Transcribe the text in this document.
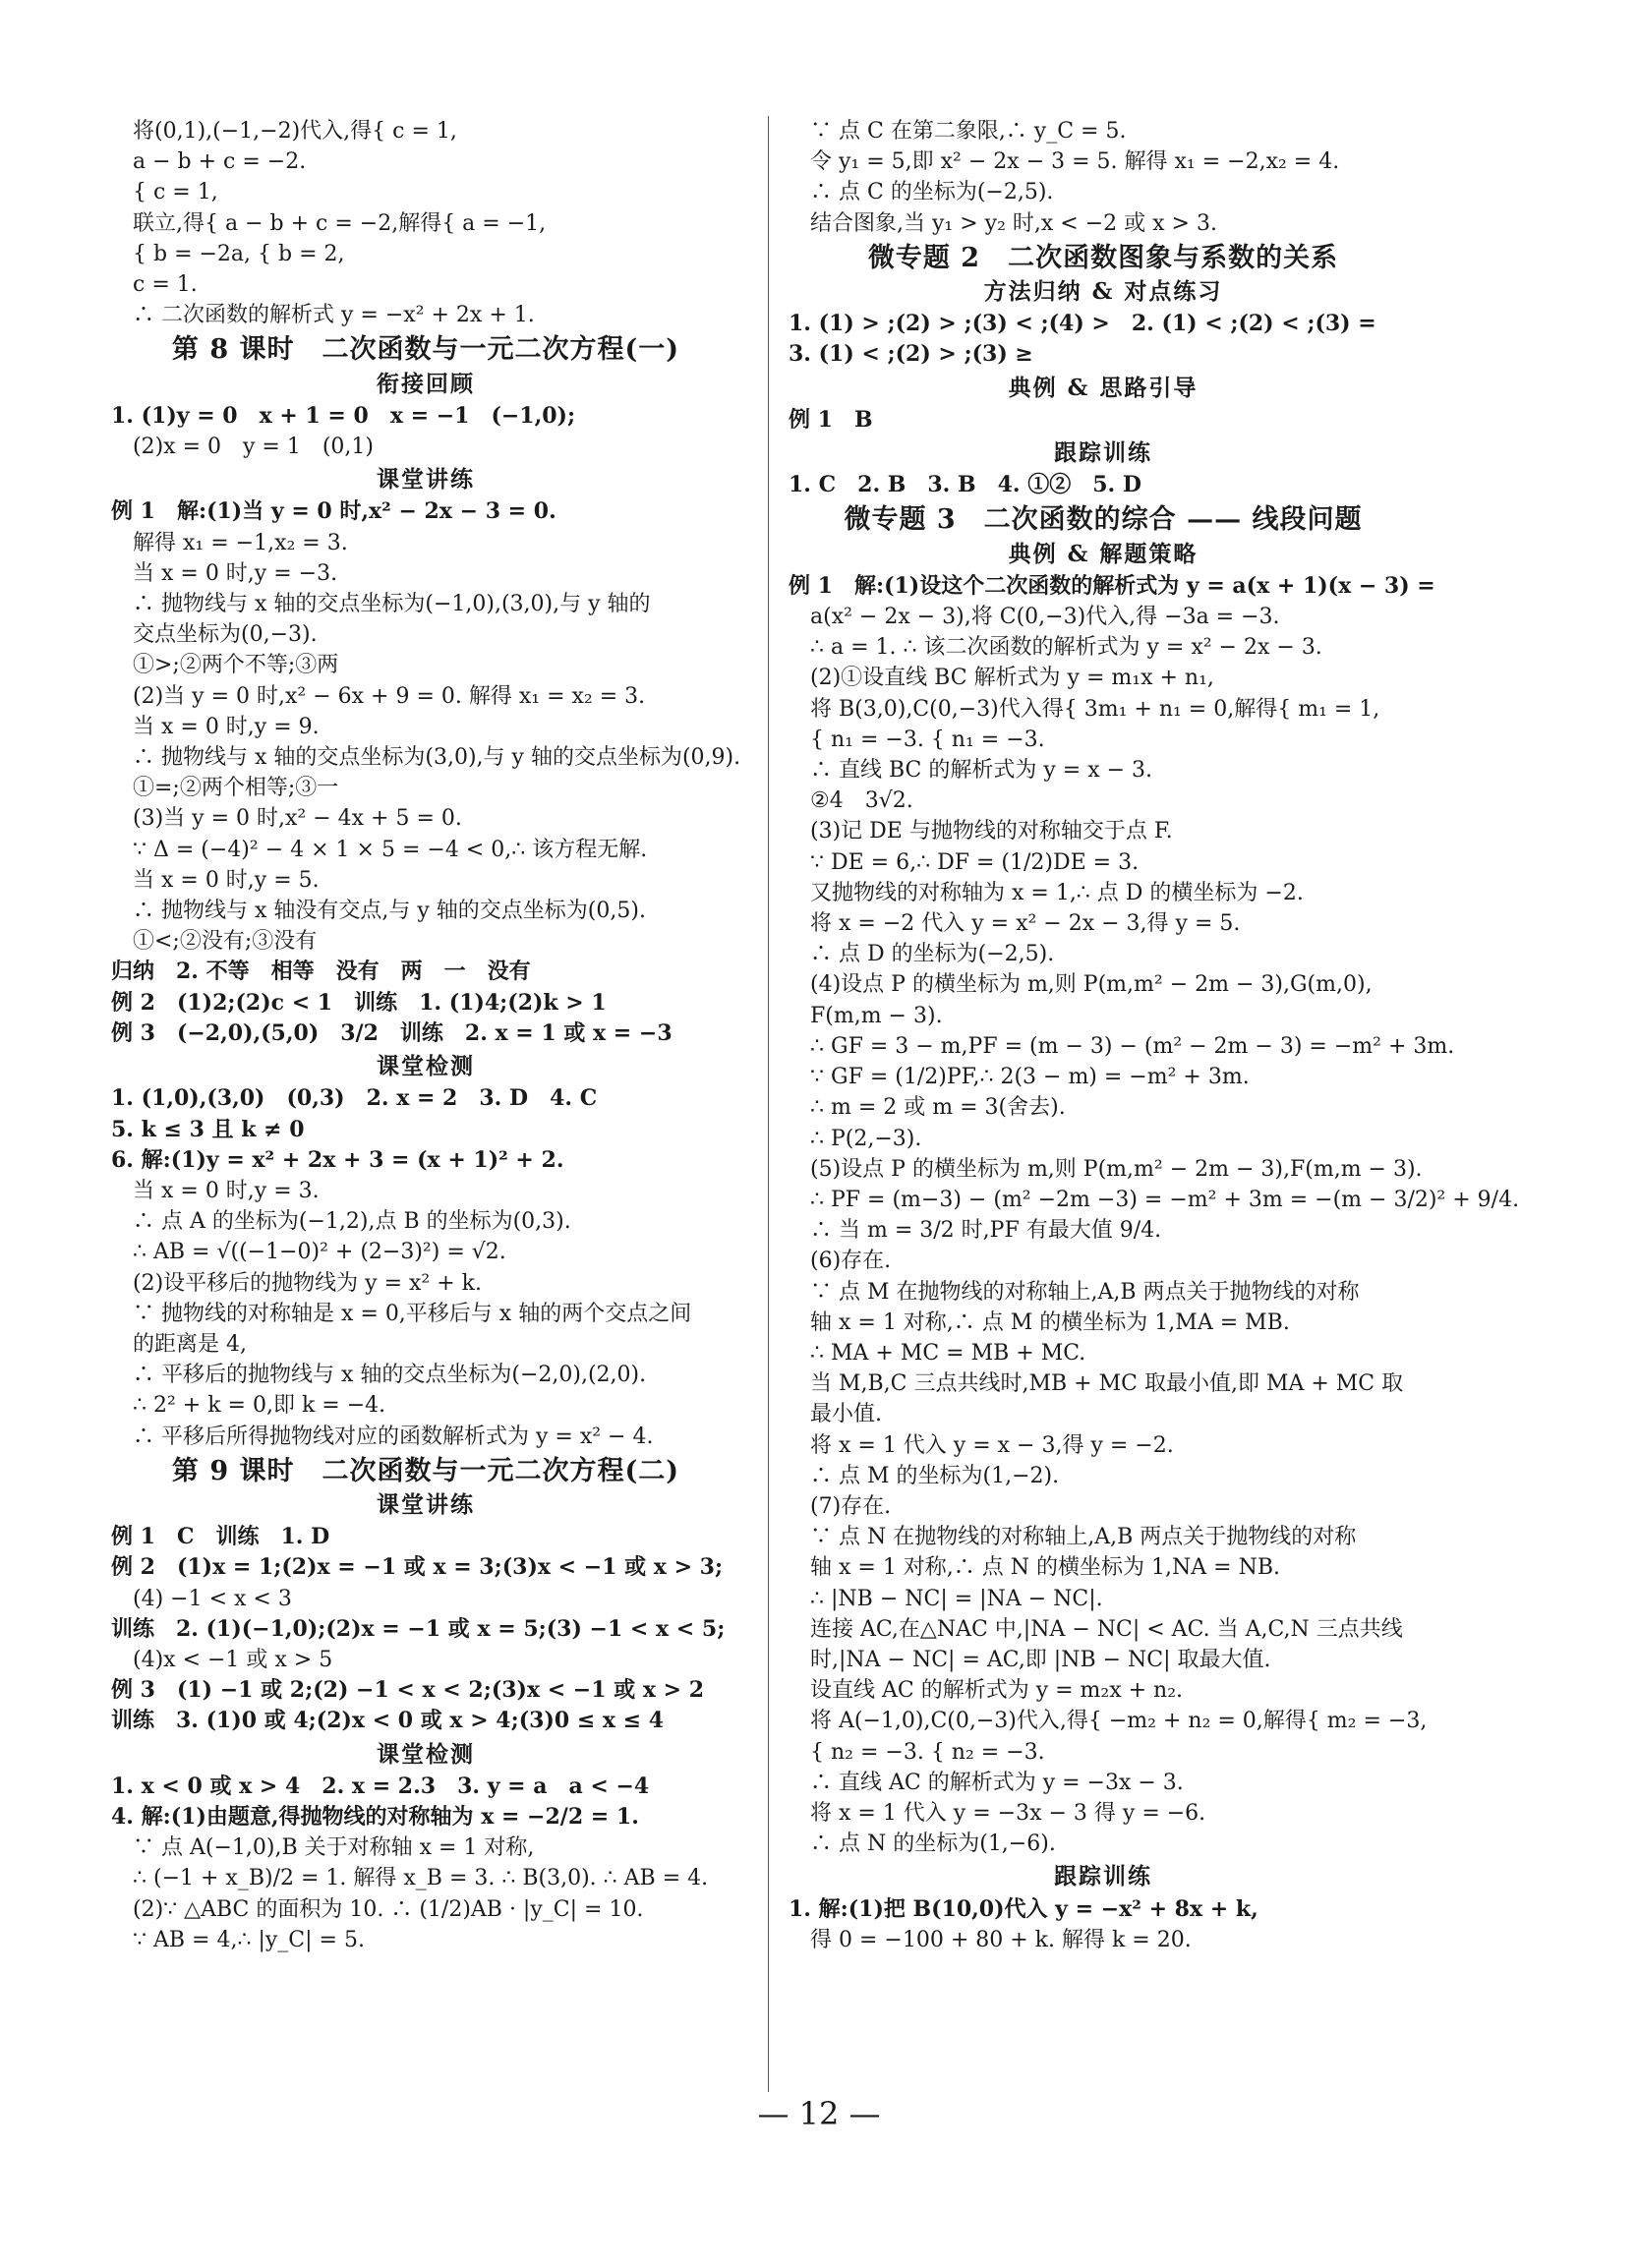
将(0,1),(−1,−2)代入,得{ c = 1,
a − b + c = −2.
{ c = 1,
联立,得{ a − b + c = −2,解得{ a = −1,
{ b = −2a, { b = 2,
c = 1.
∴ 二次函数的解析式 y = −x² + 2x + 1.
第 8 课时　二次函数与一元二次方程(一)
衔接回顾
1. (1)y = 0　x + 1 = 0　x = −1　(−1,0);
(2)x = 0　y = 1　(0,1)
课堂讲练
例 1　解:(1)当 y = 0 时,x² − 2x − 3 = 0.
解得 x₁ = −1,x₂ = 3.
当 x = 0 时,y = −3.
∴ 抛物线与 x 轴的交点坐标为(−1,0),(3,0),与 y 轴的
交点坐标为(0,−3).
①>;②两个不等;③两
(2)当 y = 0 时,x² − 6x + 9 = 0. 解得 x₁ = x₂ = 3.
当 x = 0 时,y = 9.
∴ 抛物线与 x 轴的交点坐标为(3,0),与 y 轴的交点坐标为(0,9).
①=;②两个相等;③一
(3)当 y = 0 时,x² − 4x + 5 = 0.
∵ Δ = (−4)² − 4 × 1 × 5 = −4 < 0,∴ 该方程无解.
当 x = 0 时,y = 5.
∴ 抛物线与 x 轴没有交点,与 y 轴的交点坐标为(0,5).
①<;②没有;③没有
归纳　2. 不等　相等　没有　两　一　没有
例 2　(1)2;(2)c < 1　训练　1. (1)4;(2)k > 1
例 3　(−2,0),(5,0)　3/2　训练　2. x = 1 或 x = −3
课堂检测
1. (1,0),(3,0)　(0,3)　2. x = 2　3. D　4. C
5. k ≤ 3 且 k ≠ 0
6. 解:(1)y = x² + 2x + 3 = (x + 1)² + 2.
当 x = 0 时,y = 3.
∴ 点 A 的坐标为(−1,2),点 B 的坐标为(0,3).
∴ AB = √((−1−0)² + (2−3)²) = √2.
(2)设平移后的抛物线为 y = x² + k.
∵ 抛物线的对称轴是 x = 0,平移后与 x 轴的两个交点之间
的距离是 4,
∴ 平移后的抛物线与 x 轴的交点坐标为(−2,0),(2,0).
∴ 2² + k = 0,即 k = −4.
∴ 平移后所得抛物线对应的函数解析式为 y = x² − 4.
第 9 课时　二次函数与一元二次方程(二)
课堂讲练
例 1　C　训练　1. D
例 2　(1)x = 1;(2)x = −1 或 x = 3;(3)x < −1 或 x > 3;
(4) −1 < x < 3
训练　2. (1)(−1,0);(2)x = −1 或 x = 5;(3) −1 < x < 5;
(4)x < −1 或 x > 5
例 3　(1) −1 或 2;(2) −1 < x < 2;(3)x < −1 或 x > 2
训练　3. (1)0 或 4;(2)x < 0 或 x > 4;(3)0 ≤ x ≤ 4
课堂检测
1. x < 0 或 x > 4　2. x = 2.3　3. y = a　a < −4
4. 解:(1)由题意,得抛物线的对称轴为 x = −2/2 = 1.
∵ 点 A(−1,0),B 关于对称轴 x = 1 对称,
∴ (−1 + x_B)/2 = 1. 解得 x_B = 3. ∴ B(3,0). ∴ AB = 4.
(2)∵ △ABC 的面积为 10. ∴ (1/2)AB · |y_C| = 10.
∵ AB = 4,∴ |y_C| = 5.
∵ 点 C 在第二象限,∴ y_C = 5.
令 y₁ = 5,即 x² − 2x − 3 = 5. 解得 x₁ = −2,x₂ = 4.
∴ 点 C 的坐标为(−2,5).
结合图象,当 y₁ > y₂ 时,x < −2 或 x > 3.
微专题 2　二次函数图象与系数的关系
方法归纳 & 对点练习
1. (1) > ;(2) > ;(3) < ;(4) >　2. (1) < ;(2) < ;(3) =
3. (1) < ;(2) > ;(3) ≥
典例 & 思路引导
例 1　B
跟踪训练
1. C　2. B　3. B　4. ①②　5. D
微专题 3　二次函数的综合 —— 线段问题
典例 & 解题策略
例 1　解:(1)设这个二次函数的解析式为 y = a(x + 1)(x − 3) =
a(x² − 2x − 3),将 C(0,−3)代入,得 −3a = −3.
∴ a = 1. ∴ 该二次函数的解析式为 y = x² − 2x − 3.
(2)①设直线 BC 解析式为 y = m₁x + n₁,
将 B(3,0),C(0,−3)代入得{ 3m₁ + n₁ = 0,解得{ m₁ = 1,
{ n₁ = −3. { n₁ = −3.
∴ 直线 BC 的解析式为 y = x − 3.
②4　3√2.
(3)记 DE 与抛物线的对称轴交于点 F.
∵ DE = 6,∴ DF = (1/2)DE = 3.
又抛物线的对称轴为 x = 1,∴ 点 D 的横坐标为 −2.
将 x = −2 代入 y = x² − 2x − 3,得 y = 5.
∴ 点 D 的坐标为(−2,5).
(4)设点 P 的横坐标为 m,则 P(m,m² − 2m − 3),G(m,0),
F(m,m − 3).
∴ GF = 3 − m,PF = (m − 3) − (m² − 2m − 3) = −m² + 3m.
∵ GF = (1/2)PF,∴ 2(3 − m) = −m² + 3m.
∴ m = 2 或 m = 3(舍去).
∴ P(2,−3).
(5)设点 P 的横坐标为 m,则 P(m,m² − 2m − 3),F(m,m − 3).
∴ PF = (m−3) − (m² −2m −3) = −m² + 3m = −(m − 3/2)² + 9/4.
∴ 当 m = 3/2 时,PF 有最大值 9/4.
(6)存在.
∵ 点 M 在抛物线的对称轴上,A,B 两点关于抛物线的对称
轴 x = 1 对称,∴ 点 M 的横坐标为 1,MA = MB.
∴ MA + MC = MB + MC.
当 M,B,C 三点共线时,MB + MC 取最小值,即 MA + MC 取
最小值.
将 x = 1 代入 y = x − 3,得 y = −2.
∴ 点 M 的坐标为(1,−2).
(7)存在.
∵ 点 N 在抛物线的对称轴上,A,B 两点关于抛物线的对称
轴 x = 1 对称,∴ 点 N 的横坐标为 1,NA = NB.
∴ |NB − NC| = |NA − NC|.
连接 AC,在△NAC 中,|NA − NC| < AC. 当 A,C,N 三点共线
时,|NA − NC| = AC,即 |NB − NC| 取最大值.
设直线 AC 的解析式为 y = m₂x + n₂.
将 A(−1,0),C(0,−3)代入,得{ −m₂ + n₂ = 0,解得{ m₂ = −3,
{ n₂ = −3. { n₂ = −3.
∴ 直线 AC 的解析式为 y = −3x − 3.
将 x = 1 代入 y = −3x − 3 得 y = −6.
∴ 点 N 的坐标为(1,−6).
跟踪训练
1. 解:(1)把 B(10,0)代入 y = −x² + 8x + k,
得 0 = −100 + 80 + k. 解得 k = 20.
— 12 —
